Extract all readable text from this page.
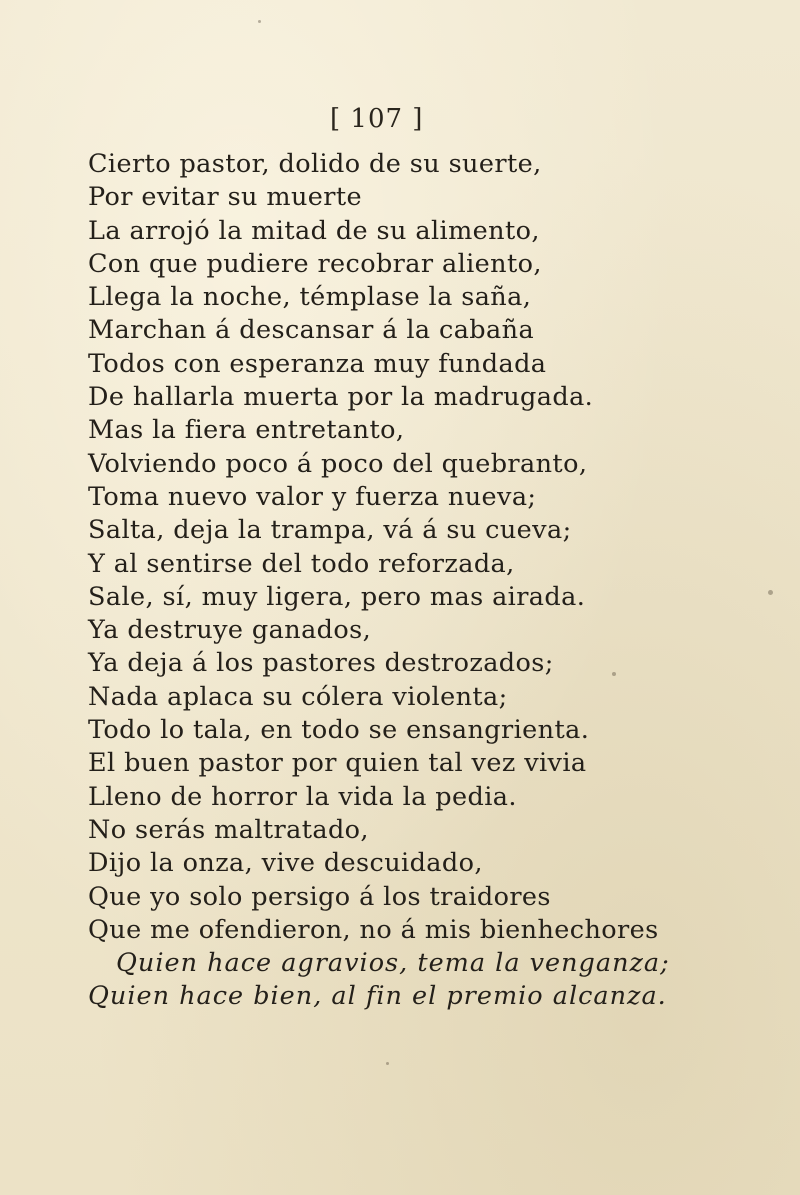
[ 107 ]
Cierto pastor, dolido de su suerte,
Por evitar su muerte
La arrojó la mitad de su alimento,
Con que pudiere recobrar aliento,
Llega la noche, témplase la saña,
Marchan á descansar á la cabaña
Todos con esperanza muy fundada
De hallarla muerta por la madrugada.
Mas la fiera entretanto,
Volviendo poco á poco del quebranto,
Toma nuevo valor y fuerza nueva;
Salta, deja la trampa, vá á su cueva;
Y al sentirse del todo reforzada,
Sale, sí, muy ligera, pero mas airada.
Ya destruye ganados,
Ya deja á los pastores destrozados;
Nada aplaca su cólera violenta;
Todo lo tala, en todo se ensangrienta.
El buen pastor por quien tal vez vivia
Lleno de horror la vida la pedia.
No serás maltratado,
Dijo la onza, vive descuidado,
Que yo solo persigo á los traidores
Que me ofendieron, no á mis bienhechores
Quien hace agravios, tema la venganza;
Quien hace bien, al fin el premio alcanza.
